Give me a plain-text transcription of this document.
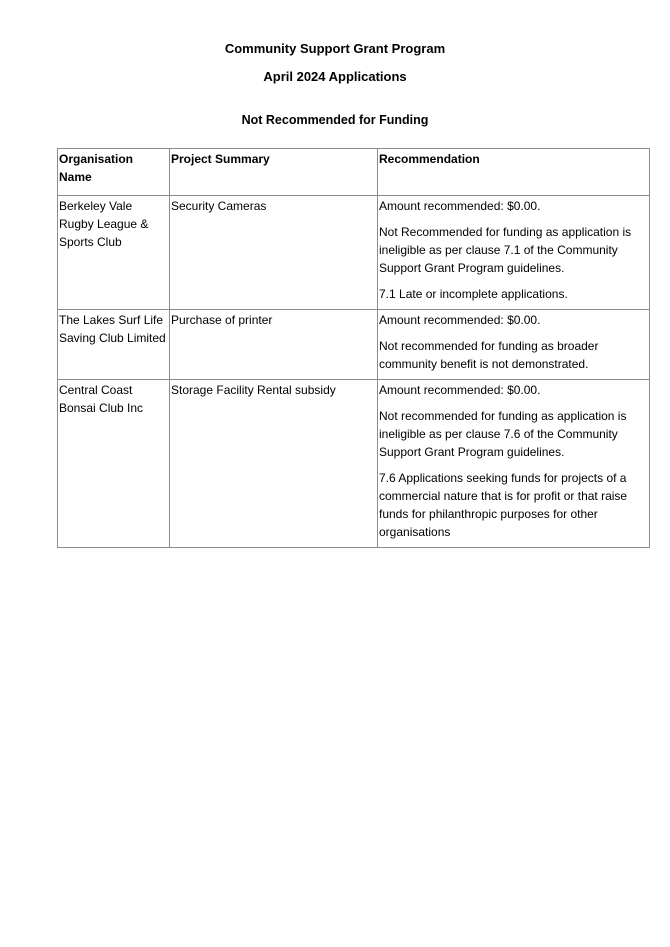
Community Support Grant Program
April 2024 Applications
Not Recommended for Funding
Organisation Name	Project Summary	Recommendation
Berkeley Vale Rugby League & Sports Club	Security Cameras	Amount recommended: $0.00.

Not Recommended for funding as application is ineligible as per clause 7.1 of the Community Support Grant Program guidelines.

7.1 Late or incomplete applications.

The Lakes Surf Life Saving Club Limited	Purchase of printer	Amount recommended: $0.00.

Not recommended for funding as broader community benefit is not demonstrated.

Central Coast Bonsai Club Inc	Storage Facility Rental subsidy	Amount recommended: $0.00.

Not recommended for funding as application is ineligible as per clause 7.6 of the Community Support Grant Program guidelines.

7.6 Applications seeking funds for projects of a commercial nature that is for profit or that raise funds for philanthropic purposes for other organisations
